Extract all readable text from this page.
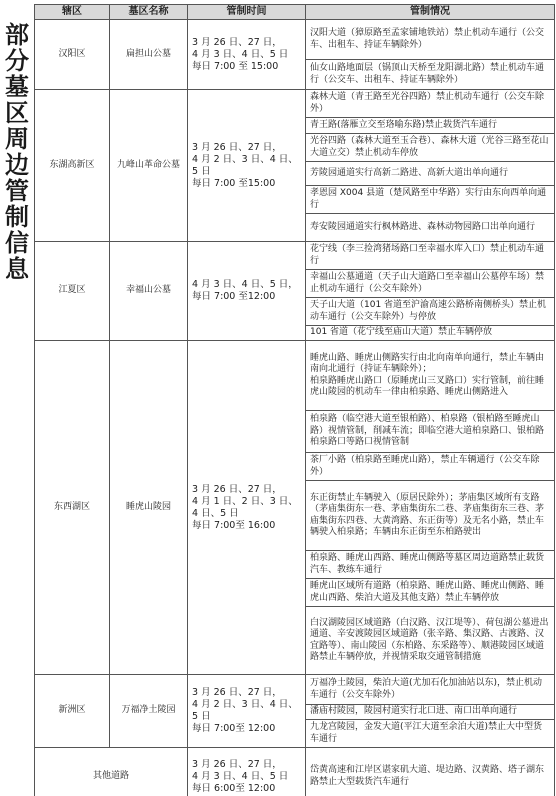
部
分
墓
区
周
边
管
制
信
息
辖区	墓区名称	管制时间	管制情况
汉阳区	扁担山公墓	3 月 26 日、27 日，
4 月 3 日、4 日、5 日
每日 7:00 至 15:00	汉阳大道（獐原路至孟家铺地铁站）禁止机动车通行（公交车、出租车、持证车辆除外）
			仙女山路地面层（锅顶山天桥至龙阳湖北路）禁止机动车通行（公交车、出租车、持证车辆除外）
东湖高新区	九峰山革命公墓	3 月 26 日、27 日，
4 月 2 日、3 日、4 日、
5 日
每日 7:00 至15:00	森林大道（青王路至光谷四路）禁止机动车通行（公交车除外）
			青王路(落雁立交至珞喻东路)禁止载货汽车通行
			光谷四路（森林大道至玉合巷）、森林大道（光谷三路至花山大道立交）禁止机动车停放
			芳陵园通道实行高新二路进、高新大道出单向通行
			孝恩园 X004 县道（楚风路至中华路）实行由东向西单向通行
			寿安陵园通道实行枫林路进、森林动物园路口出单向通行
江夏区	幸福山公墓	4 月 3 日、4 日、5 日，
每日 7:00 至12:00	花宁线（李三捡湾猪场路口至幸福水库入口）禁止机动车通行
			幸福山公墓通道（天子山大道路口至幸福山公墓停车场）禁止机动车通行（公交车除外）
			天子山大道（101 省道至沪渝高速公路桥南侧桥头）禁止机动车通行（公交车除外）与停放
			101 省道（花宁线至庙山大道）禁止车辆停放
东西湖区	睡虎山陵园	3 月 26 日、27 日，
4 月 1 日、2 日、3 日、
4 日、5 日
每日 7:00至 16:00	睡虎山路、睡虎山侧路实行由北向南单向通行，禁止车辆由南向北通行（持证车辆除外）；
柏泉路睡虎山路口（原睡虎山三叉路口）实行管制，前往睡虎山陵园的机动车一律由柏泉路、睡虎山侧路进入
			柏泉路（临空港大道至银柏路）、柏泉路（银柏路至睡虎山路）视情管制，削减车流；即临空港大道柏泉路口、银柏路柏泉路口等路口视情管制
			茶厂小路（柏泉路至睡虎山路），禁止车辆通行（公交车除外）
			东正街禁止车辆驶入（原居民除外）；茅庙集区域所有支路（茅庙集街东一巷、茅庙集街东二巷、茅庙集街东三巷、茅庙集街东四巷、大黄湾路、东正街等）及无名小路，禁止车辆驶入柏泉路；车辆由东正街至东柏路驶出
			柏泉路、睡虎山西路、睡虎山侧路等墓区周边道路禁止载货汽车、教练车通行
			睡虎山区域所有道路（柏泉路、睡虎山路、睡虎山侧路、睡虎山西路、柴泊大道及其他支路）禁止车辆停放
			白汉湖陵园区域道路（白汉路、汉江堤等）、荷包湖公墓进出通道、辛安渡陵园区域道路（张辛路、集汉路、古渡路、汉宜路等）、南山陵园（东柏路、东采路等）、顺港陵园区域道路禁止车辆停放，并视情采取交通管制措施
新洲区	万福净土陵园	3 月 26 日、27 日，
4 月 2 日、3 日、4 日、
5 日
每日 7:00至 12:00	万福净土陵园，柴泊大道(尤加石化加油站以东)，禁止机动车通行（公交车除外）
			潘庙村陵园，陵园村道实行北口进、南口出单向通行
			九龙宫陵园，金发大道(平江大道至余泊大道)禁止大中型货车通行
其他道路		3 月 26 日、27 日，
4 月 3 日、4 日、5 日
每日 6:00至 12:00	岱黄高速和江岸区谌家矶大道、堤边路、汉黄路、塔子湖东路禁止大型载货汽车通行
